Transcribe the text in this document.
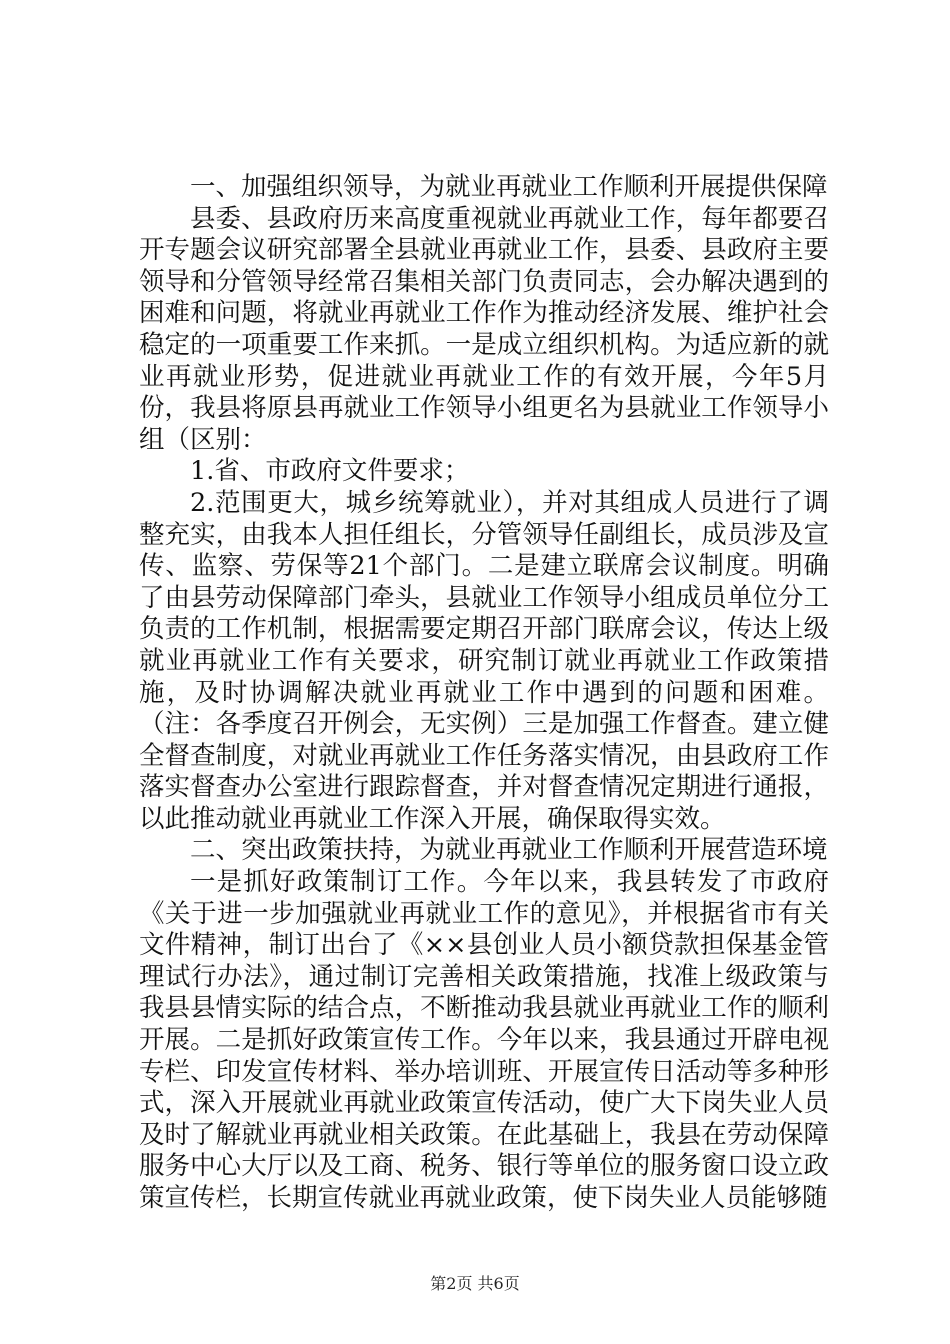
一、加强组织领导，为就业再就业工作顺利开展提供保障

县委、县政府历来高度重视就业再就业工作，每年都要召开专题会议研究部署全县就业再就业工作，县委、县政府主要领导和分管领导经常召集相关部门负责同志，会办解决遇到的困难和问题，将就业再就业工作作为推动经济发展、维护社会稳定的一项重要工作来抓。一是成立组织机构。为适应新的就业再就业形势，促进就业再就业工作的有效开展，今年5月份，我县将原县再就业工作领导小组更名为县就业工作领导小组（区别：

1.省、市政府文件要求；

2.范围更大，城乡统筹就业），并对其组成人员进行了调整充实，由我本人担任组长，分管领导任副组长，成员涉及宣传、监察、劳保等21个部门。二是建立联席会议制度。明确了由县劳动保障部门牵头，县就业工作领导小组成员单位分工负责的工作机制，根据需要定期召开部门联席会议，传达上级就业再就业工作有关要求，研究制订就业再就业工作政策措施，及时协调解决就业再就业工作中遇到的问题和困难。（注：各季度召开例会，无实例）三是加强工作督查。建立健全督查制度，对就业再就业工作任务落实情况，由县政府工作落实督查办公室进行跟踪督查，并对督查情况定期进行通报，以此推动就业再就业工作深入开展，确保取得实效。

二、突出政策扶持，为就业再就业工作顺利开展营造环境

一是抓好政策制订工作。今年以来，我县转发了市政府《关于进一步加强就业再就业工作的意见》，并根据省市有关文件精神，制订出台了《××县创业人员小额贷款担保基金管理试行办法》，通过制订完善相关政策措施，找准上级政策与我县县情实际的结合点，不断推动我县就业再就业工作的顺利开展。二是抓好政策宣传工作。今年以来，我县通过开辟电视专栏、印发宣传材料、举办培训班、开展宣传日活动等多种形式，深入开展就业再就业政策宣传活动，使广大下岗失业人员及时了解就业再就业相关政策。在此基础上，我县在劳动保障服务中心大厅以及工商、税务、银行等单位的服务窗口设立政策宣传栏，长期宣传就业再就业政策，使下岗失业人员能够随

第2页 共6页
